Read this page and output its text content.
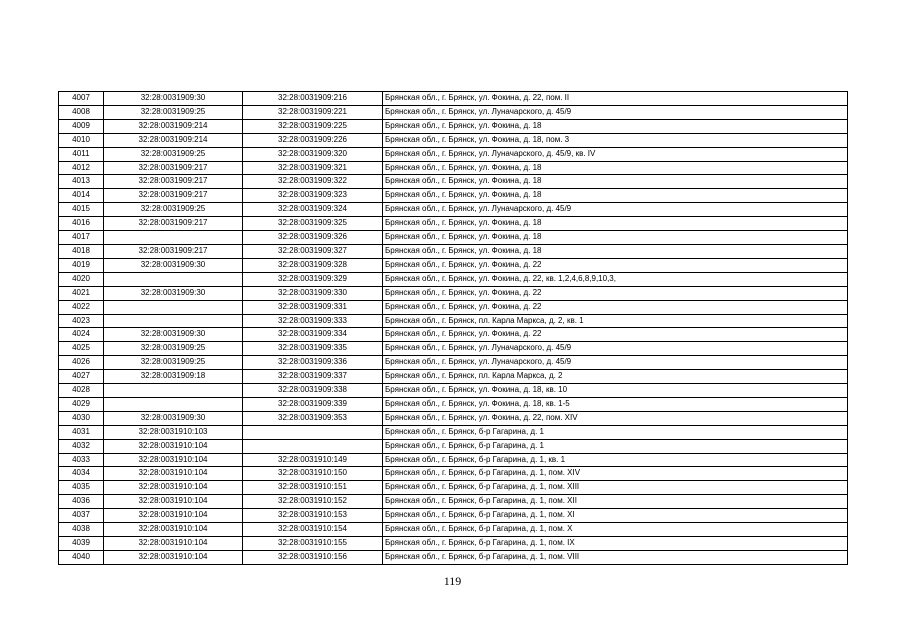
4007	32:28:0031909:30	32:28:0031909:216	Брянская обл., г. Брянск, ул. Фокина, д. 22, пом. II
4008	32:28:0031909:25	32:28:0031909:221	Брянская обл., г. Брянск, ул. Луначарского, д. 45/9
4009	32:28:0031909:214	32:28:0031909:225	Брянская обл., г. Брянск, ул. Фокина, д. 18
4010	32:28:0031909:214	32:28:0031909:226	Брянская обл., г. Брянск, ул. Фокина, д. 18, пом. 3
4011	32:28:0031909:25	32:28:0031909:320	Брянская обл., г. Брянск, ул. Луначарского, д. 45/9, кв. IV
4012	32:28:0031909:217	32:28:0031909:321	Брянская обл., г. Брянск, ул. Фокина, д. 18
4013	32:28:0031909:217	32:28:0031909:322	Брянская обл., г. Брянск, ул. Фокина, д. 18
4014	32:28:0031909:217	32:28:0031909:323	Брянская обл., г. Брянск, ул. Фокина, д. 18
4015	32:28:0031909:25	32:28:0031909:324	Брянская обл., г. Брянск, ул. Луначарского, д. 45/9
4016	32:28:0031909:217	32:28:0031909:325	Брянская обл., г. Брянск, ул. Фокина, д. 18
4017		32:28:0031909:326	Брянская обл., г. Брянск, ул. Фокина, д. 18
4018	32:28:0031909:217	32:28:0031909:327	Брянская обл., г. Брянск, ул. Фокина, д. 18
4019	32:28:0031909:30	32:28:0031909:328	Брянская обл., г. Брянск, ул. Фокина, д. 22
4020		32:28:0031909:329	Брянская обл., г. Брянск, ул. Фокина, д. 22, кв. 1,2,4,6,8,9,10,3,
4021	32:28:0031909:30	32:28:0031909:330	Брянская обл., г. Брянск, ул. Фокина, д. 22
4022		32:28:0031909:331	Брянская обл., г. Брянск, ул. Фокина, д. 22
4023		32:28:0031909:333	Брянская обл., г. Брянск, пл. Карла Маркса, д. 2, кв. 1
4024	32:28:0031909:30	32:28:0031909:334	Брянская обл., г. Брянск, ул. Фокина, д. 22
4025	32:28:0031909:25	32:28:0031909:335	Брянская обл., г. Брянск, ул. Луначарского, д. 45/9
4026	32:28:0031909:25	32:28:0031909:336	Брянская обл., г. Брянск, ул. Луначарского, д. 45/9
4027	32:28:0031909:18	32:28:0031909:337	Брянская обл., г. Брянск, пл. Карла Маркса, д. 2
4028		32:28:0031909:338	Брянская обл., г. Брянск, ул. Фокина, д. 18, кв. 10
4029		32:28:0031909:339	Брянская обл., г. Брянск, ул. Фокина, д. 18, кв. 1-5
4030	32:28:0031909:30	32:28:0031909:353	Брянская обл., г. Брянск, ул. Фокина, д. 22, пом. XIV
4031	32:28:0031910:103		Брянская обл., г. Брянск, б-р Гагарина, д. 1
4032	32:28:0031910:104		Брянская обл., г. Брянск, б-р Гагарина, д. 1
4033	32:28:0031910:104	32:28:0031910:149	Брянская обл., г. Брянск, б-р Гагарина, д. 1, кв. 1
4034	32:28:0031910:104	32:28:0031910:150	Брянская обл., г. Брянск, б-р Гагарина, д. 1, пом. XIV
4035	32:28:0031910:104	32:28:0031910:151	Брянская обл., г. Брянск, б-р Гагарина, д. 1, пом. XIII
4036	32:28:0031910:104	32:28:0031910:152	Брянская обл., г. Брянск, б-р Гагарина, д. 1, пом. XII
4037	32:28:0031910:104	32:28:0031910:153	Брянская обл., г. Брянск, б-р Гагарина, д. 1, пом. XI
4038	32:28:0031910:104	32:28:0031910:154	Брянская обл., г. Брянск, б-р Гагарина, д. 1, пом. X
4039	32:28:0031910:104	32:28:0031910:155	Брянская обл., г. Брянск, б-р Гагарина, д. 1, пом. IX
4040	32:28:0031910:104	32:28:0031910:156	Брянская обл., г. Брянск, б-р Гагарина, д. 1, пом. VIII
119
